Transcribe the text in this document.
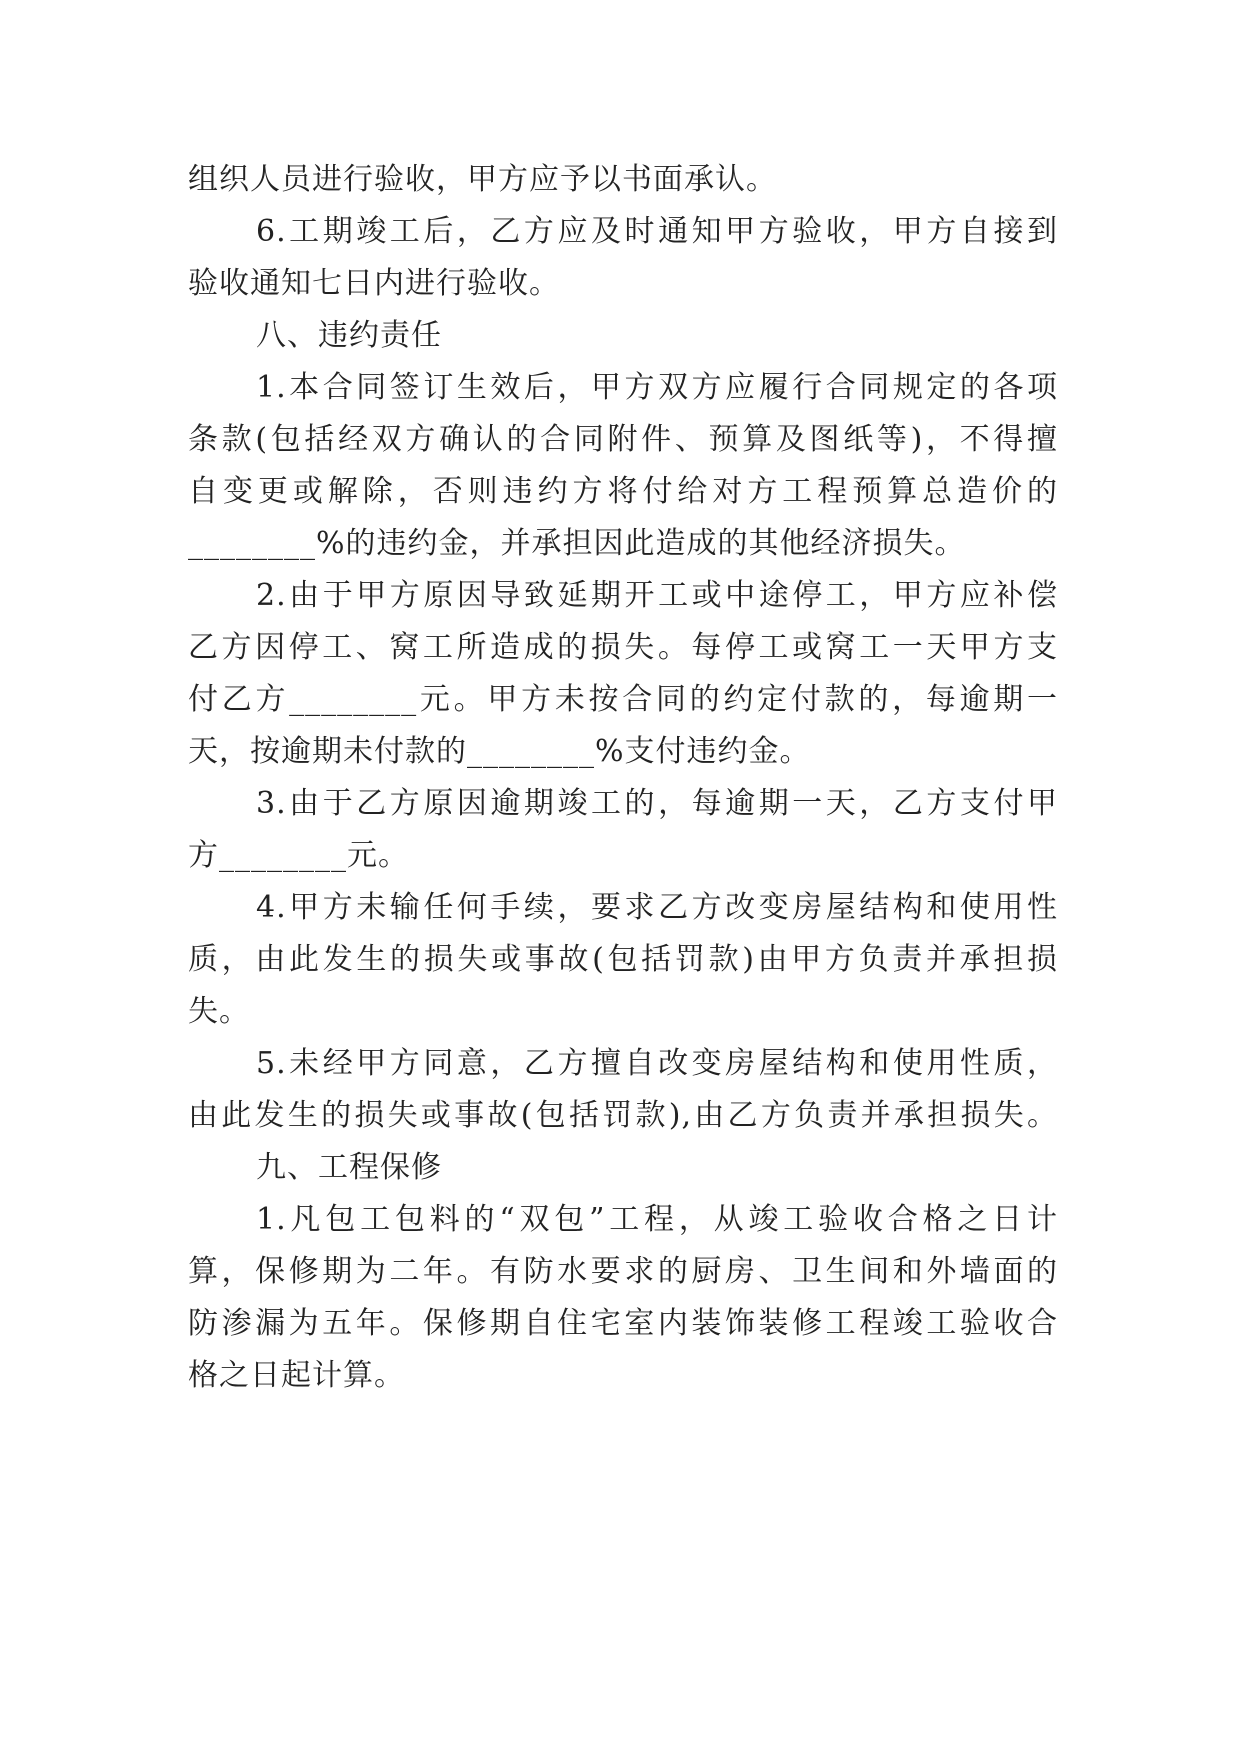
组织人员进行验收，甲方应予以书面承认。
6.工期竣工后，乙方应及时通知甲方验收，甲方自接到
验收通知七日内进行验收。
八、违约责任
1.本合同签订生效后，甲方双方应履行合同规定的各项
条款(包括经双方确认的合同附件、预算及图纸等)，不得擅
自变更或解除，否则违约方将付给对方工程预算总造价的
________%的违约金，并承担因此造成的其他经济损失。
2.由于甲方原因导致延期开工或中途停工，甲方应补偿
乙方因停工、窝工所造成的损失。每停工或窝工一天甲方支
付乙方________元。甲方未按合同的约定付款的，每逾期一
天，按逾期未付款的________%支付违约金。
3.由于乙方原因逾期竣工的，每逾期一天，乙方支付甲
方________元。
4.甲方未输任何手续，要求乙方改变房屋结构和使用性
质，由此发生的损失或事故(包括罚款)由甲方负责并承担损
失。
5.未经甲方同意，乙方擅自改变房屋结构和使用性质，
由此发生的损失或事故(包括罚款),由乙方负责并承担损失。
九、工程保修
1.凡包工包料的“双包”工程，从竣工验收合格之日计
算，保修期为二年。有防水要求的厨房、卫生间和外墙面的
防渗漏为五年。保修期自住宅室内装饰装修工程竣工验收合
格之日起计算。
